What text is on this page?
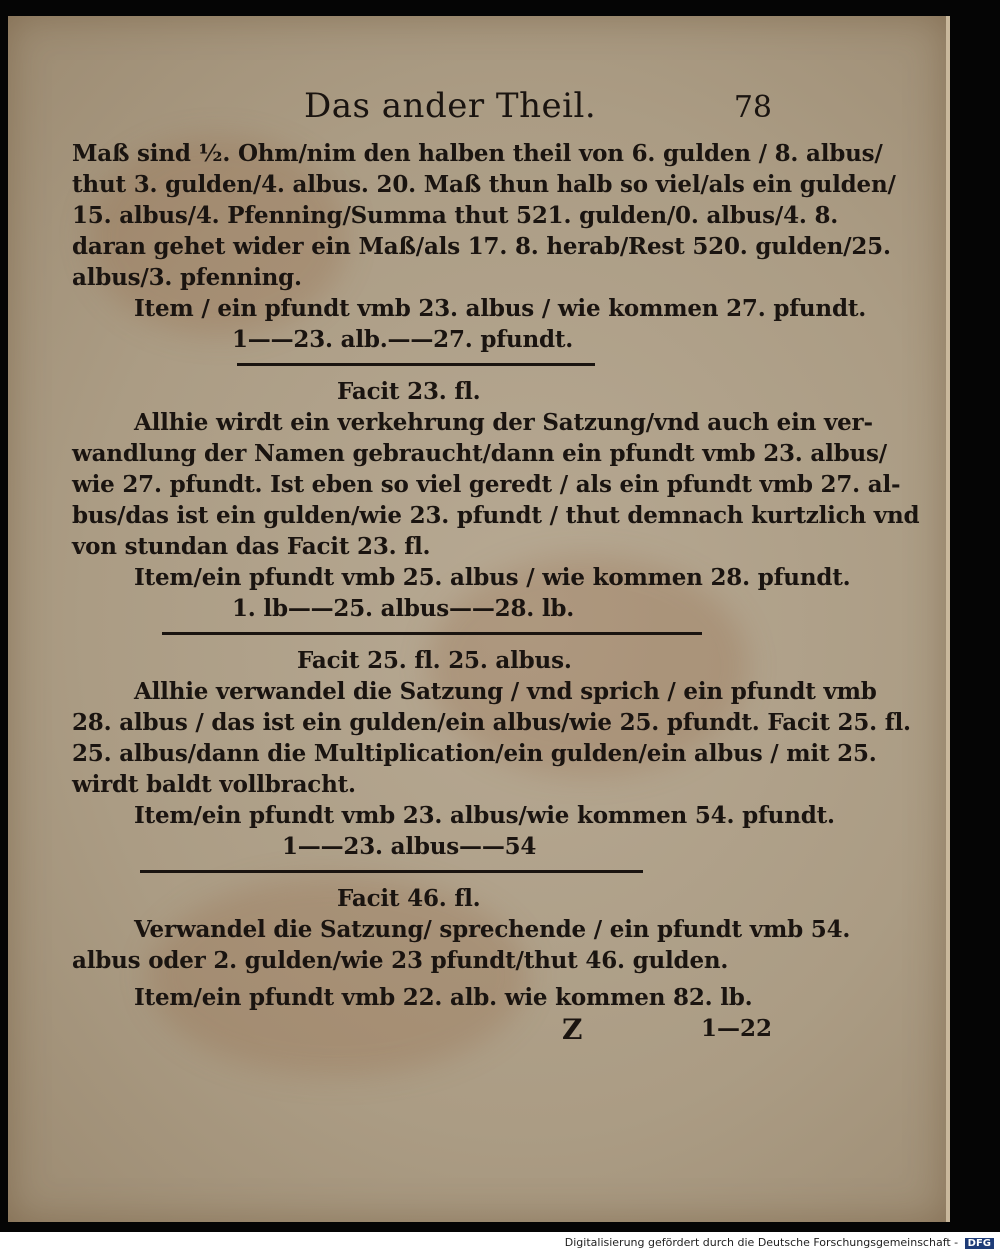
Das ander Theil.	78
Maß sind ½. Ohm/nim den halben theil von 6. gulden / 8. albus/
thut 3. gulden/4. albus. 20. Maß thun halb so viel/als ein gulden/
15. albus/4. Pfenning/Summa thut 521. gulden/0. albus/4. 8.
daran gehet wider ein Maß/als 17. 8. herab/Rest 520. gulden/25.
albus/3. pfenning.
Item / ein pfundt vmb 23. albus / wie kommen 27. pfundt.
1——23. alb.——27. pfundt.
Facit 23. fl.
Allhie wirdt ein verkehrung der Satzung/vnd auch ein ver-
wandlung der Namen gebraucht/dann ein pfundt vmb 23. albus/
wie 27. pfundt. Ist eben so viel geredt / als ein pfundt vmb 27. al-
bus/das ist ein gulden/wie 23. pfundt / thut demnach kurtzlich vnd
von stundan das Facit 23. fl.
Item/ein pfundt vmb 25. albus / wie kommen 28. pfundt.
1. lb——25. albus——28. lb.
Facit 25. fl. 25. albus.
Allhie verwandel die Satzung / vnd sprich / ein pfundt vmb
28. albus / das ist ein gulden/ein albus/wie 25. pfundt. Facit 25. fl.
25. albus/dann die Multiplication/ein gulden/ein albus / mit 25.
wirdt baldt vollbracht.
Item/ein pfundt vmb 23. albus/wie kommen 54. pfundt.
1——23. albus——54
Facit 46. fl.
Verwandel die Satzung/ sprechende / ein pfundt vmb 54.
albus oder 2. gulden/wie 23 pfundt/thut 46. gulden.
Item/ein pfundt vmb 22. alb. wie kommen 82. lb.
Z	1—22
Digitalisierung gefördert durch die Deutsche Forschungsgemeinschaft - DFG
